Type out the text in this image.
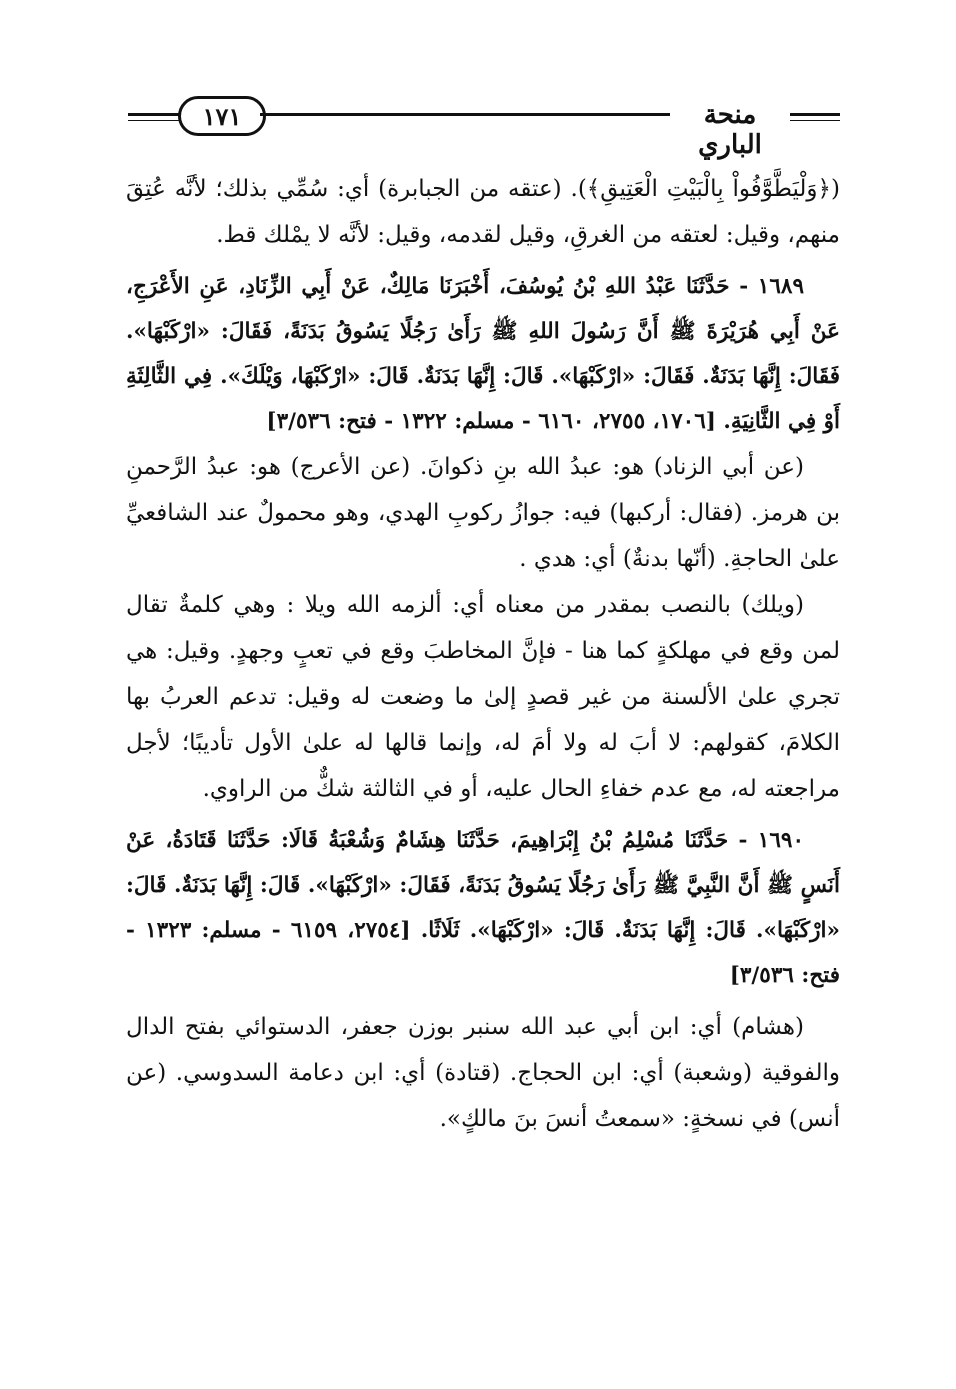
١٧١	منحة الباري

(﴿وَلْيَطَّوَّفُواْ بِالْبَيْتِ الْعَتِيقِ﴾). (عتقه من الجبابرة) أي: سُمِّي بذلك؛ لأنَّه عُتِقَ منهم، وقيل: لعتقه من الغرقِ، وقيل لقدمه، وقيل: لأنَّه لا يمْلك قط.

١٦٨٩ - حَدَّثَنَا عَبْدُ اللهِ بْنُ يُوسُفَ، أَخْبَرَنَا مَالِكٌ، عَنْ أَبِي الزِّنَادِ، عَنِ الأَعْرَجِ، عَنْ أَبِي هُرَيْرَةَ ﷺ أَنَّ رَسُولَ اللهِ ﷺ رَأَىٰ رَجُلًا يَسُوقُ بَدَنَةً، فَقَالَ: «ارْكَبْهَا». فَقَالَ: إِنَّهَا بَدَنَةٌ. فَقَالَ: «ارْكَبْهَا». قَالَ: إِنَّهَا بَدَنَةٌ. قَالَ: «ارْكَبْهَا، وَيْلَكَ». فِي الثَّالِثَةِ أَوْ فِي الثَّانِيَةِ. [١٧٠٦، ٢٧٥٥، ٦١٦٠ - مسلم: ١٣٢٢ - فتح: ٣/٥٣٦]

(عن أبي الزناد) هو: عبدُ الله بنِ ذكوانَ. (عن الأعرج) هو: عبدُ الرَّحمنِ بن هرمز. (فقال: أركبها) فيه: جوازُ ركوبِ الهدي، وهو محمولٌ عند الشافعيِّ علىٰ الحاجةِ. (أنّها بدنةٌ) أي: هدي .

(ويلك) بالنصب بمقدر من معناه أي: ألزمه الله ويلا : وهي كلمةٌ تقال لمن وقع في مهلكةٍ كما هنا - فإنَّ المخاطبَ وقع في تعبٍ وجهدٍ. وقيل: هي تجري علىٰ الألسنة من غير قصدٍ إلىٰ ما وضعت له وقيل: تدعم العربُ بها الكلامَ، كقولهم: لا أبَ له ولا أمَ له، وإنما قالها له علىٰ الأول تأديبًا؛ لأجل مراجعته له، مع عدم خفاءِ الحال عليه، أو في الثالثة شكٌّ من الراوي.

١٦٩٠ - حَدَّثَنَا مُسْلِمُ بْنُ إِبْرَاهِيمَ، حَدَّثَنَا هِشَامٌ وَشُعْبَةُ قَالَا: حَدَّثَنَا قَتَادَةُ، عَنْ أَنَسٍ ﷺ أَنَّ النَّبِيَّ ﷺ رَأَىٰ رَجُلًا يَسُوقُ بَدَنَةً، فَقَالَ: «ارْكَبْهَا». قَالَ: إِنَّهَا بَدَنَةٌ. قَالَ: «ارْكَبْهَا». قَالَ: إِنَّهَا بَدَنَةٌ. قَالَ: «ارْكَبْهَا». ثَلَاثًا. [٢٧٥٤، ٦١٥٩ - مسلم: ١٣٢٣ - فتح: ٣/٥٣٦]

(هشام) أي: ابن أبي عبد الله سنبر بوزن جعفر، الدستوائي بفتح الدال والفوقية (وشعبة) أي: ابن الحجاج. (قتادة) أي: ابن دعامة السدوسي. (عن أنس) في نسخةٍ: «سمعتُ أنسَ بنَ مالكٍ».
